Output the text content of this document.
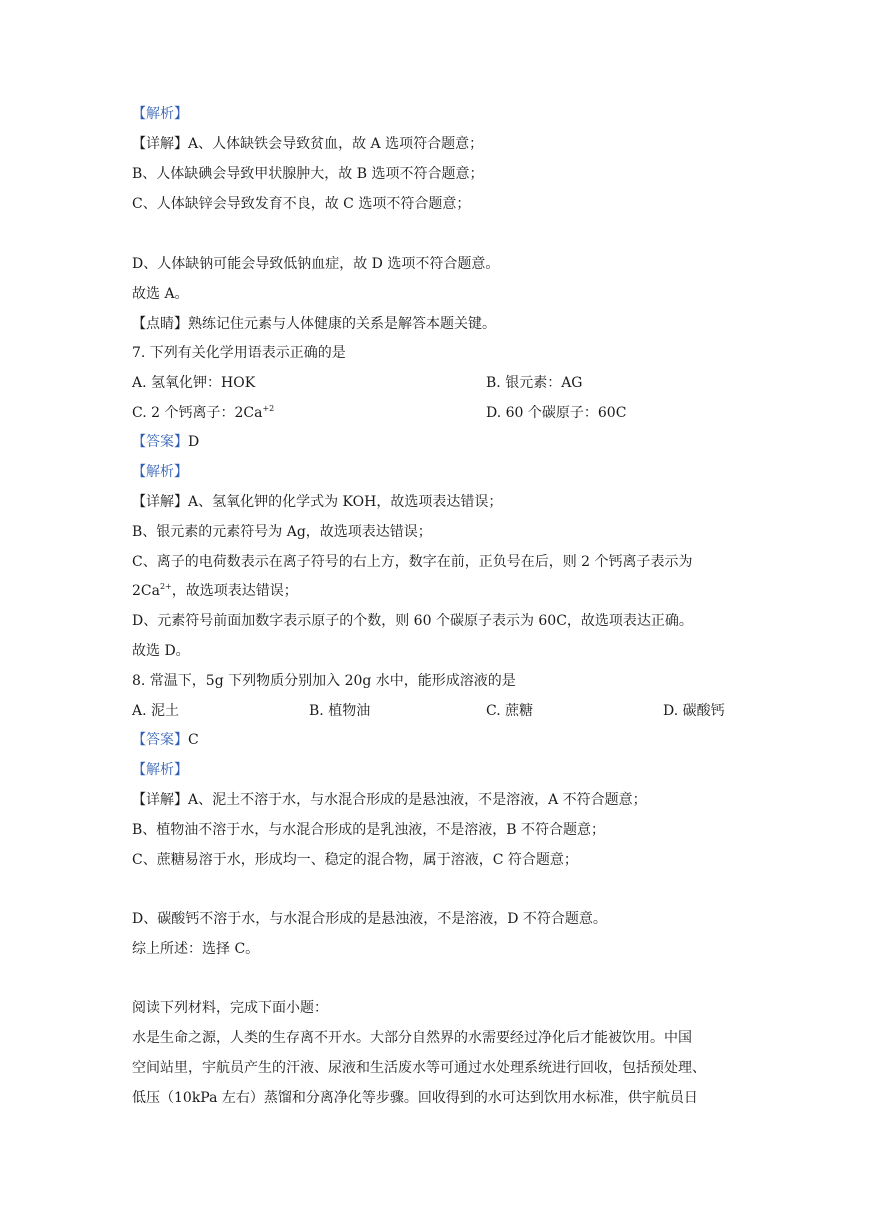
【解析】
【详解】A、人体缺铁会导致贫血，故 A 选项符合题意；
B、人体缺碘会导致甲状腺肿大，故 B 选项不符合题意；
C、人体缺锌会导致发育不良，故 C 选项不符合题意；
D、人体缺钠可能会导致低钠血症，故 D 选项不符合题意。
故选 A。
【点睛】熟练记住元素与人体健康的关系是解答本题关键。
7. 下列有关化学用语表示正确的是
A. 氢氧化钾：HOK	B. 银元素：AG
C. 2 个钙离子：$2Ca^{+2}$	D. 60 个碳原子：60C
【答案】D
【解析】
【详解】A、氢氧化钾的化学式为 KOH，故选项表达错误；
B、银元素的元素符号为 Ag，故选项表达错误；
C、离子的电荷数表示在离子符号的右上方，数字在前，正负号在后，则 2 个钙离子表示为
$2Ca^{2+}$，故选项表达错误；
D、元素符号前面加数字表示原子的个数，则 60 个碳原子表示为 60C，故选项表达正确。
故选 D。
8. 常温下，5g 下列物质分别加入 20g 水中，能形成溶液的是
A. 泥土	B. 植物油	C. 蔗糖	D. 碳酸钙
【答案】C
【解析】
【详解】A、泥土不溶于水，与水混合形成的是悬浊液，不是溶液，A 不符合题意；
B、植物油不溶于水，与水混合形成的是乳浊液，不是溶液，B 不符合题意；
C、蔗糖易溶于水，形成均一、稳定的混合物，属于溶液，C 符合题意；
D、碳酸钙不溶于水，与水混合形成的是悬浊液，不是溶液，D 不符合题意。
综上所述：选择 C。
阅读下列材料，完成下面小题：
水是生命之源，人类的生存离不开水。大部分自然界的水需要经过净化后才能被饮用。中国
空间站里，宇航员产生的汗液、尿液和生活废水等可通过水处理系统进行回收，包括预处理、
低压（10kPa 左右）蒸馏和分离净化等步骤。回收得到的水可达到饮用水标准，供宇航员日
